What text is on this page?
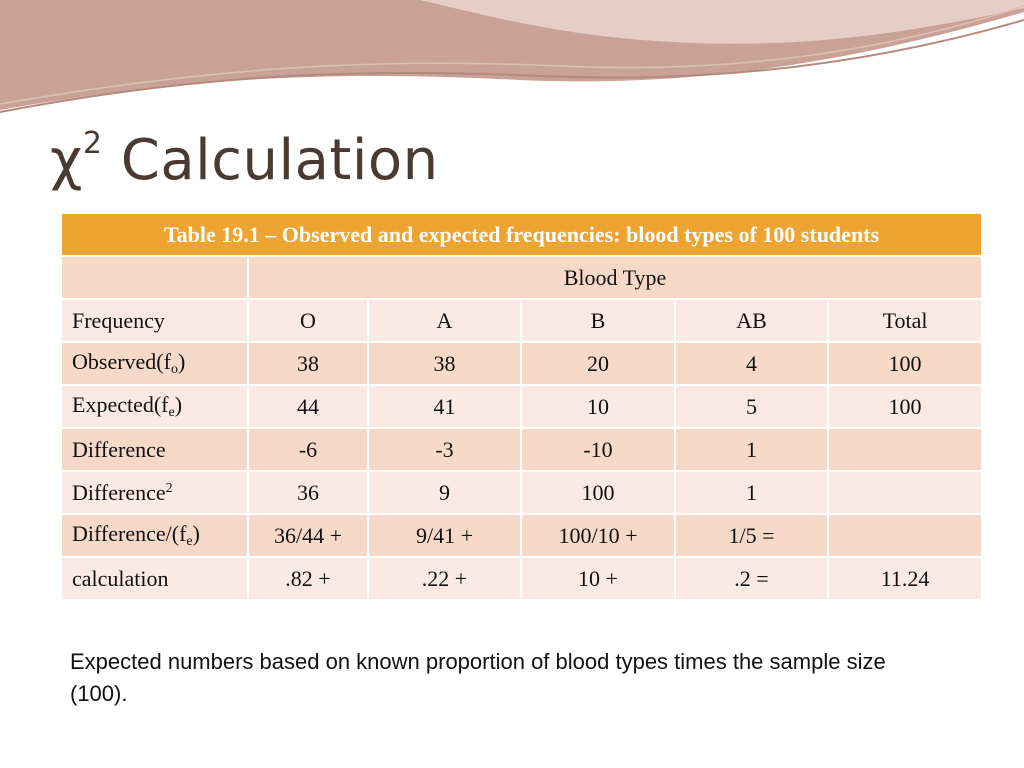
$\chi^2$ Calculation
Table 19.1 – Observed and expected frequencies: blood types of 100 students					
	Blood Type				
Frequency	O	A	B	AB	Total
$Observed(f_o)$	38	38	20	4	100
$Expected(f_e)$	44	41	10	5	100
Difference	-6	-3	-10	1	
Difference$^2$	36	9	100	1	
Difference/$(f_e)$	36/44 +	9/41 +	100/10 +	1/5 =	
calculation	.82 +	.22 +	10 +	.2 =	11.24

Expected numbers based on known proportion of blood types times the sample size (100).
